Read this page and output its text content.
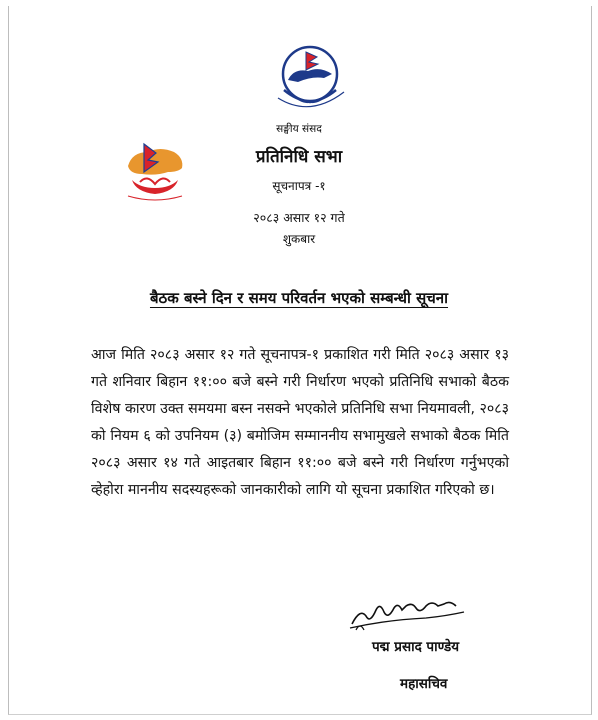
सङ्घीय संसद
प्रतिनिधि सभा
सूचनापत्र -१
२०८३ असार १२ गते
शुकबार
बैठक बस्ने दिन र समय परिवर्तन भएको सम्बन्धी सूचना
आज मिति २०८३ असार १२ गते सूचनापत्र-१ प्रकाशित गरी मिति २०८३ असार १३ गते शनिवार बिहान ११:०० बजे बस्ने गरी निर्धारण भएको प्रतिनिधि सभाको बैठक विशेष कारण उक्त समयमा बस्न नसक्ने भएकोले प्रतिनिधि सभा नियमावली, २०८३ को नियम ६ को उपनियम (३) बमोजिम सम्माननीय सभामुखले सभाको बैठक मिति २०८३ असार १४ गते आइतबार बिहान ११:०० बजे बस्ने गरी निर्धारण गर्नुभएको व्हेहोरा माननीय सदस्यहरूको जानकारीको लागि यो सूचना प्रकाशित गरिएको छ।
पद्म प्रसाद पाण्डेय
महासचिव
